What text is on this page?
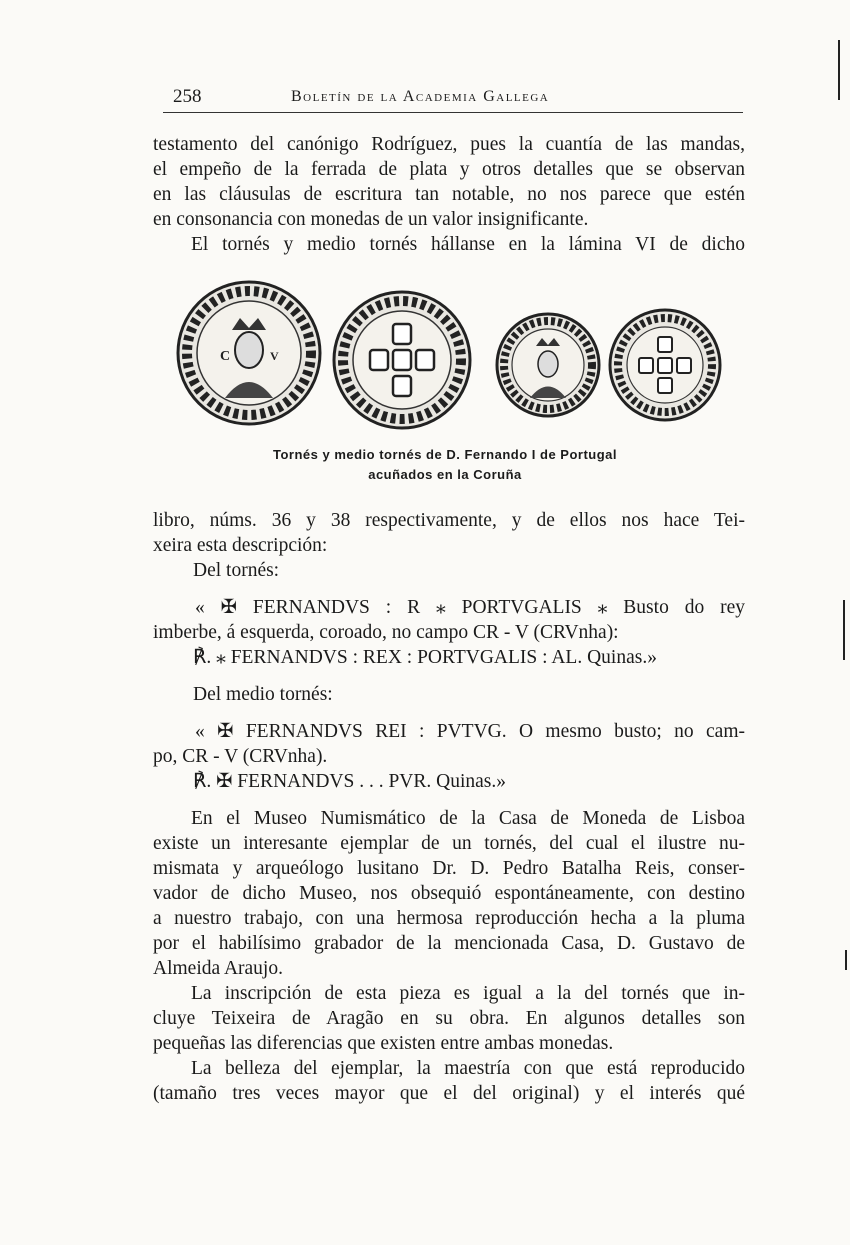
258	Boletín de la Academia Gallega

testamento del canónigo Rodríguez, pues la cuantía de las mandas,

el empeño de la ferrada de plata y otros detalles que se observan

en las cláusulas de escritura tan notable, no nos parece que estén

en consonancia con monedas de un valor insignificante.

El tornés y medio tornés hállanse en la lámina VI de dicho

C	V
Tornés y medio tornés de D. Fernando I de Portugal
acuñados en la Coruña

libro, núms. 36 y 38 respectivamente, y de ellos nos hace Tei-

xeira esta descripción:

Del tornés:

« ✠ FERNANDVS : R ⁎ PORTVGALIS ⁎ Busto do rey

imberbe, á esquerda, coroado, no campo CR - V (CRVnha):

℟. ⁎ FERNANDVS : REX : PORTVGALIS : AL. Quinas.»

Del medio tornés:

« ✠ FERNANDVS REI : PVTVG. O mesmo busto; no cam-

po, CR - V (CRVnha).

℟. ✠ FERNANDVS . . . PVR. Quinas.»

En el Museo Numismático de la Casa de Moneda de Lisboa

existe un interesante ejemplar de un tornés, del cual el ilustre nu-

mismata y arqueólogo lusitano Dr. D. Pedro Batalha Reis, conser-

vador de dicho Museo, nos obsequió espontáneamente, con destino

a nuestro trabajo, con una hermosa reproducción hecha a la pluma

por el habilísimo grabador de la mencionada Casa, D. Gustavo de

Almeida Araujo.

La inscripción de esta pieza es igual a la del tornés que in-

cluye Teixeira de Aragão en su obra. En algunos detalles son

pequeñas las diferencias que existen entre ambas monedas.

La belleza del ejemplar, la maestría con que está reproducido

(tamaño tres veces mayor que el del original) y el interés qué
